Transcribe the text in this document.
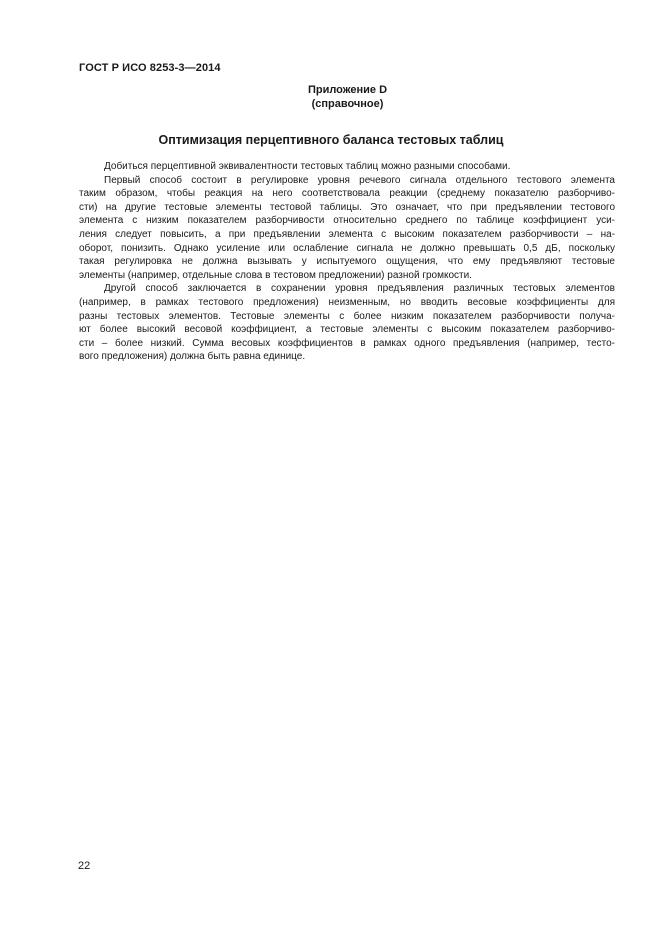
ГОСТ Р ИСО 8253-3—2014
Приложение D
(справочное)
Оптимизация перцептивного баланса тестовых таблиц

Добиться перцептивной эквивалентности тестовых таблиц можно разными способами.

Первый способ состоит в регулировке уровня речевого сигнала отдельного тестового элемента
таким образом, чтобы реакция на него соответствовала реакции (среднему показателю разборчиво-
сти) на другие тестовые элементы тестовой таблицы. Это означает, что при предъявлении тестового
элемента с низким показателем разборчивости относительно среднего по таблице коэффициент уси-
ления следует повысить, а при предъявлении элемента с высоким показателем разборчивости – на-
оборот, понизить. Однако усиление или ослабление сигнала не должно превышать 0,5 дБ, поскольку
такая регулировка не должна вызывать у испытуемого ощущения, что ему предъявляют тестовые
элементы (например, отдельные слова в тестовом предложении) разной громкости.

Другой способ заключается в сохранении уровня предъявления различных тестовых элементов
(например, в рамках тестового предложения) неизменным, но вводить весовые коэффициенты для
разны тестовых элементов. Тестовые элементы с более низким показателем разборчивости получа-
ют более высокий весовой коэффициент, а тестовые элементы с высоким показателем разборчиво-
сти – более низкий. Сумма весовых коэффициентов в рамках одного предъявления (например, тесто-
вого предложения) должна быть равна единице.

22
